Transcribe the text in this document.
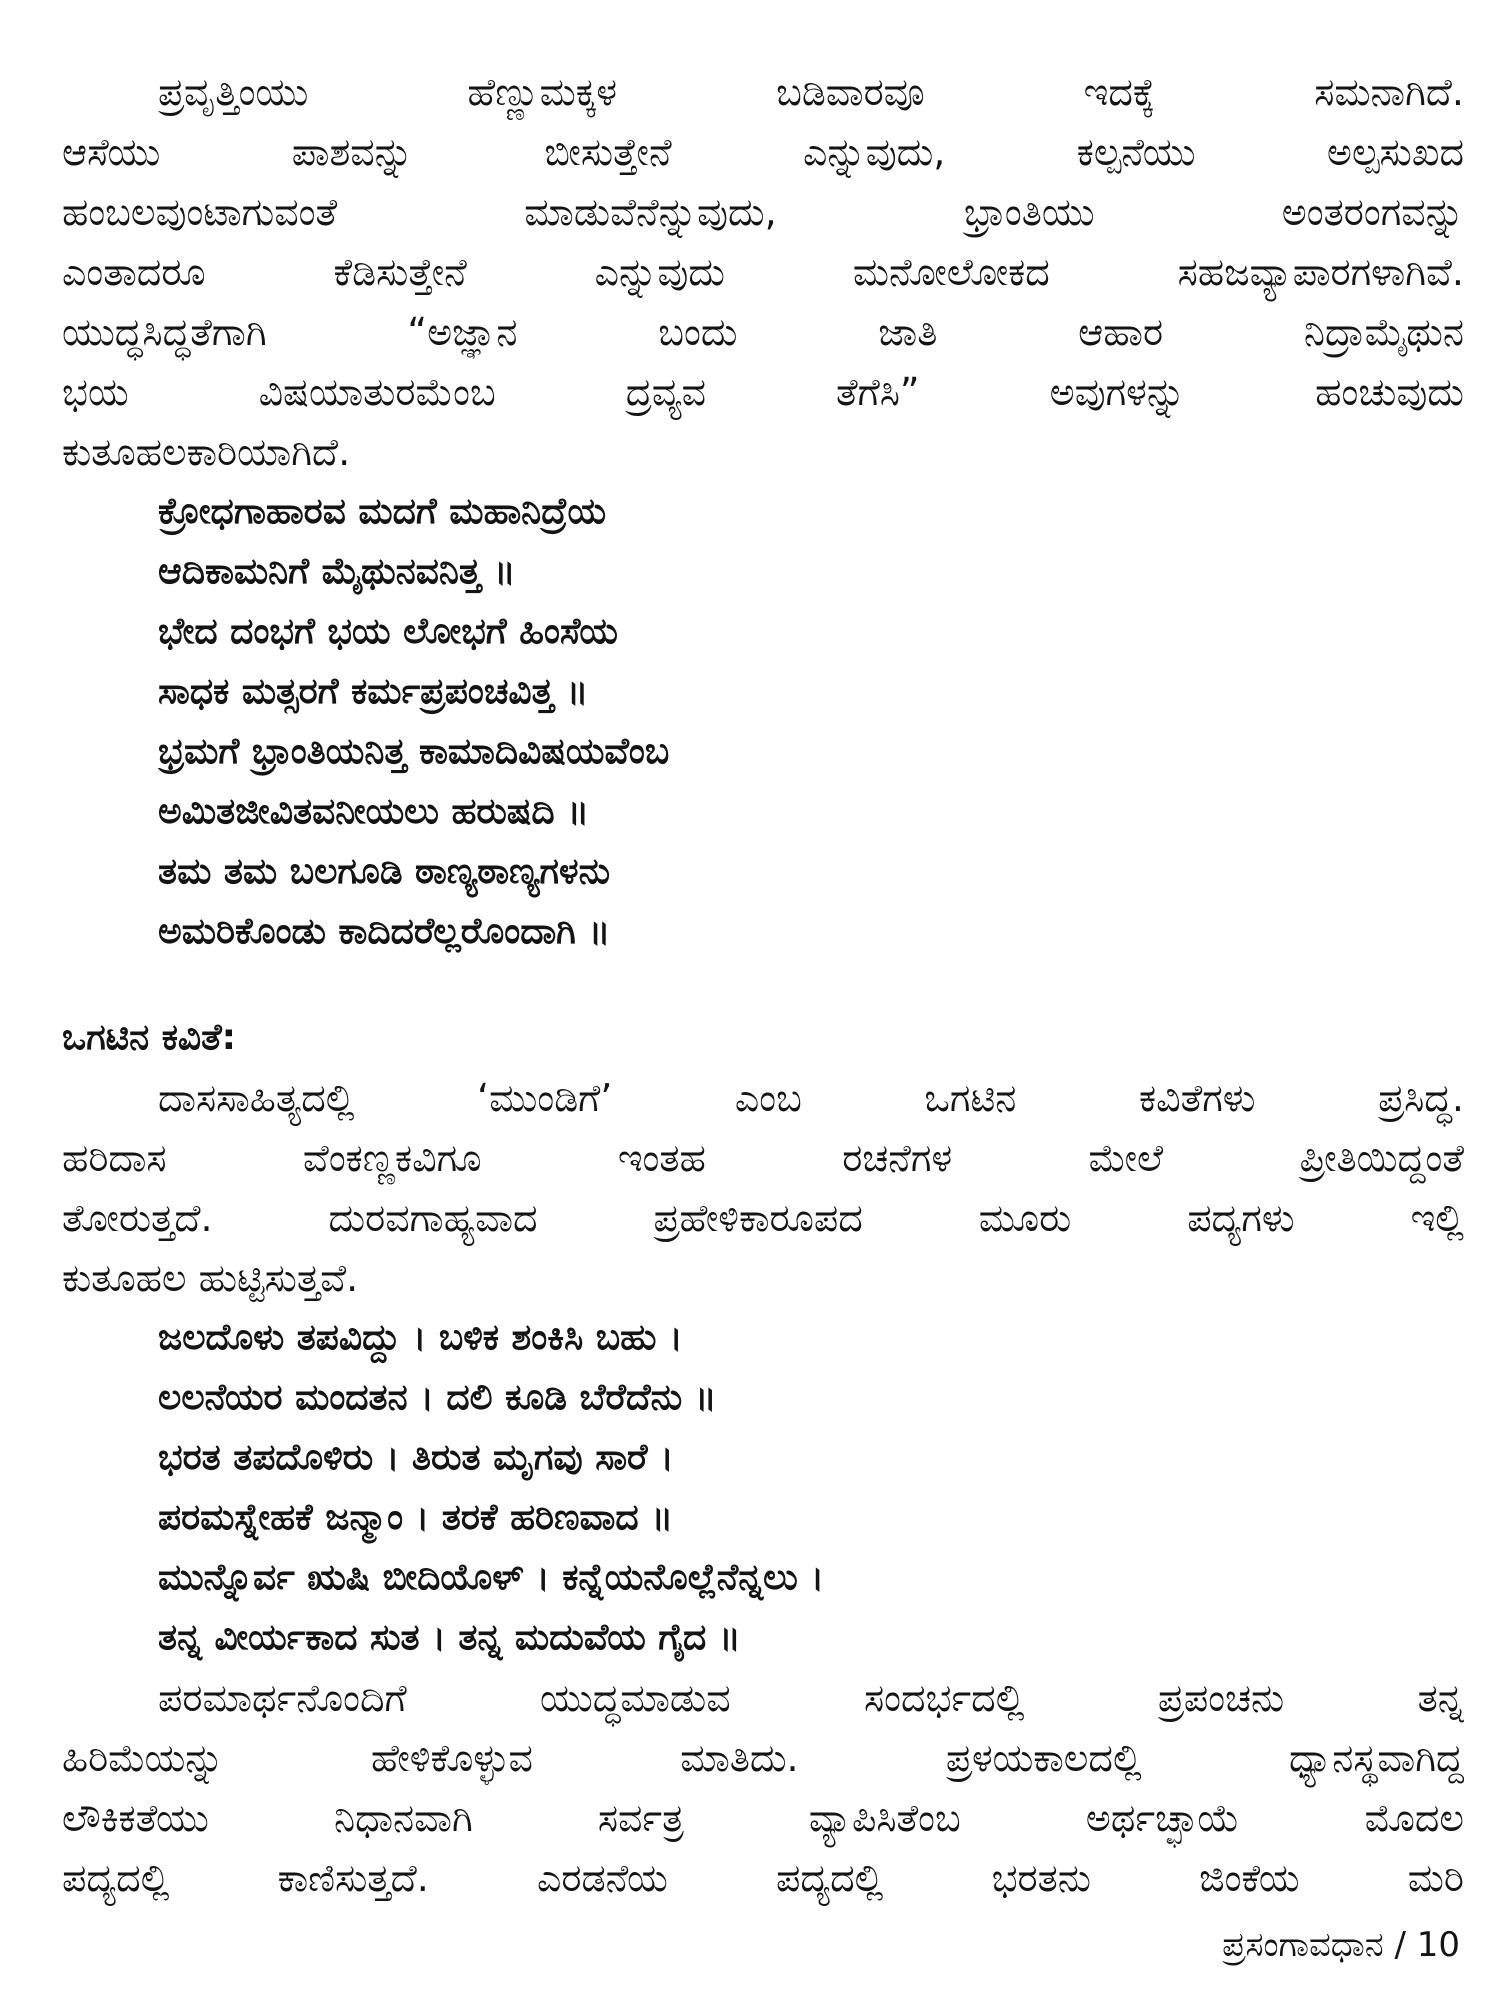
ಪ್ರವೃತ್ತಿಂಯು ಹೆಣ್ಣುಮಕ್ಕಳ ಬಡಿವಾರವೂ ಇದಕ್ಕೆ ಸಮನಾಗಿದೆ.
ಆಸೆಯು ಪಾಶವನ್ನು ಬೀಸುತ್ತೇನೆ ಎನ್ನುವುದು, ಕಲ್ಪನೆಯು ಅಲ್ಪಸುಖದ
ಹಂಬಲವುಂಟಾಗುವಂತೆ ಮಾಡುವೆನೆನ್ನುವುದು, ಭ್ರಾಂತಿಯು ಅಂತರಂಗವನ್ನು
ಎಂತಾದರೂ ಕೆಡಿಸುತ್ತೇನೆ ಎನ್ನುವುದು ಮನೋಲೋಕದ ಸಹಜವ್ಯಾಪಾರಗಳಾಗಿವೆ.
ಯುದ್ಧಸಿದ್ಧತೆಗಾಗಿ “ಅಜ್ಞಾನ ಬಂದು ಜಾತಿ ಆಹಾರ ನಿದ್ರಾಮೈಥುನ
ಭಯ ವಿಷಯಾತುರಮೆಂಬ ದ್ರವ್ಯವ ತೆಗೆಸಿ” ಅವುಗಳನ್ನು ಹಂಚುವುದು
ಕುತೂಹಲಕಾರಿಯಾಗಿದೆ.
ಕ್ರೋಧಗಾಹಾರವ ಮದಗೆ ಮಹಾನಿದ್ರೆಯ
ಆದಿಕಾಮನಿಗೆ ಮೈಥುನವನಿತ್ತ ॥
ಭೇದ ದಂಭಗೆ ಭಯ ಲೋಭಗೆ ಹಿಂಸೆಯ
ಸಾಧಕ ಮತ್ಸರಗೆ ಕರ್ಮಪ್ರಪಂಚವಿತ್ತ ॥
ಭ್ರಮಗೆ ಭ್ರಾಂತಿಯನಿತ್ತ ಕಾಮಾದಿವಿಷಯವೆಂಬ
ಅಮಿತಜೀವಿತವನೀಯಲು ಹರುಷದಿ ॥
ತಮ ತಮ ಬಲಗೂಡಿ ಠಾಣ್ಯಠಾಣ್ಯಗಳನು
ಅಮರಿಕೊಂಡು ಕಾದಿದರೆಲ್ಲರೊಂದಾಗಿ ॥
ಒಗಟಿನ ಕವಿತೆ:
ದಾಸಸಾಹಿತ್ಯದಲ್ಲಿ ‘ಮುಂಡಿಗೆ’ ಎಂಬ ಒಗಟಿನ ಕವಿತೆಗಳು ಪ್ರಸಿದ್ಧ.
ಹರಿದಾಸ ವೆಂಕಣ್ಣಕವಿಗೂ ಇಂತಹ ರಚನೆಗಳ ಮೇಲೆ ಪ್ರೀತಿಯಿದ್ದಂತೆ
ತೋರುತ್ತದೆ. ದುರವಗಾಹ್ಯವಾದ ಪ್ರಹೇಳಿಕಾರೂಪದ ಮೂರು ಪದ್ಯಗಳು ಇಲ್ಲಿ
ಕುತೂಹಲ ಹುಟ್ಟಿಸುತ್ತವೆ.
ಜಲದೊಳು ತಪವಿದ್ದು । ಬಳಿಕ ಶಂಕಿಸಿ ಬಹು ।
ಲಲನೆಯರ ಮಂದತನ । ದಲಿ ಕೂಡಿ ಬೆರೆದೆನು ॥
ಭರತ ತಪದೊಳಿರು । ತಿರುತ ಮೃಗವು ಸಾರೆ ।
ಪರಮಸ್ನೇಹಕೆ ಜನ್ಮಾಂ । ತರಕೆ ಹರಿಣವಾದ ॥
ಮುನ್ನೊರ್ವ ಋಷಿ ಬೀದಿಯೊಳ್ । ಕನ್ನೆಯನೊಲ್ಲೆನೆನ್ನಲು ।
ತನ್ನ ವೀರ್ಯಕಾದ ಸುತ । ತನ್ನ ಮದುವೆಯ ಗೈದ ॥
ಪರಮಾರ್ಥನೊಂದಿಗೆ ಯುದ್ಧಮಾಡುವ ಸಂದರ್ಭದಲ್ಲಿ ಪ್ರಪಂಚನು ತನ್ನ
ಹಿರಿಮೆಯನ್ನು ಹೇಳಿಕೊಳ್ಳುವ ಮಾತಿದು. ಪ್ರಳಯಕಾಲದಲ್ಲಿ ಧ್ಯಾನಸ್ಥವಾಗಿದ್ದ
ಲೌಕಿಕತೆಯು ನಿಧಾನವಾಗಿ ಸರ್ವತ್ರ ವ್ಯಾಪಿಸಿತೆಂಬ ಅರ್ಥಚ್ಛಾಯೆ ಮೊದಲ
ಪದ್ಯದಲ್ಲಿ ಕಾಣಿಸುತ್ತದೆ. ಎರಡನೆಯ ಪದ್ಯದಲ್ಲಿ ಭರತನು ಜಿಂಕೆಯ ಮರಿ
ಪ್ರಸಂಗಾವಧಾನ / 10
